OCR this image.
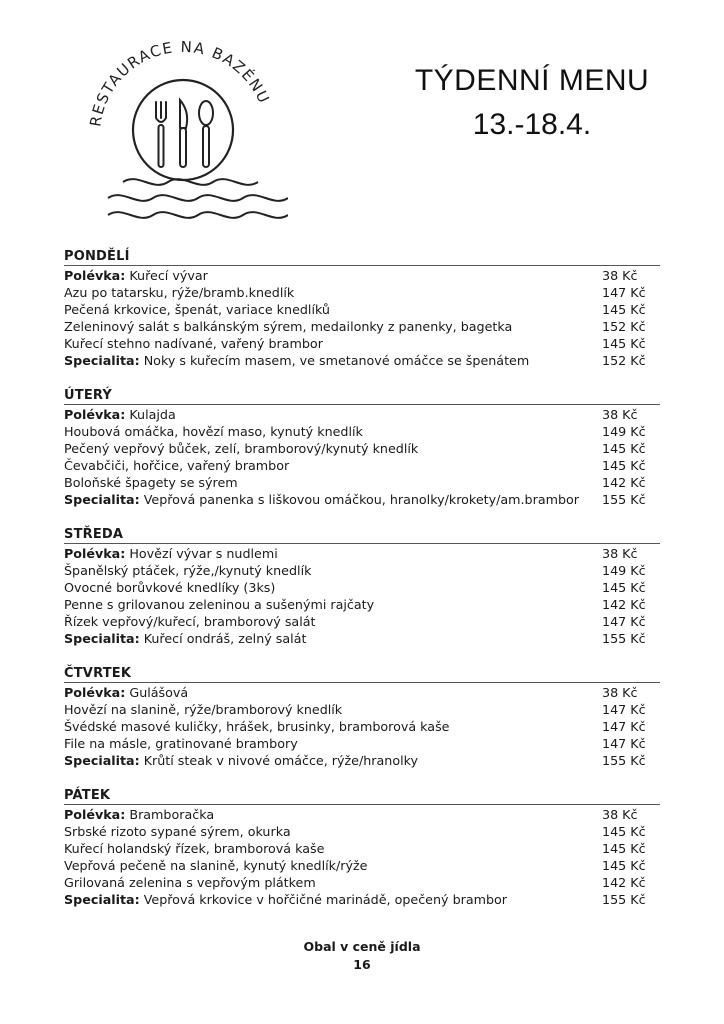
RESTAURACE NA BAZÉNU
TÝDENNÍ MENU
13.-18.4.
PONDĚLÍ
Polévka: Kuřecí vývar	38 Kč
Azu po tatarsku, rýže/bramb.knedlík	147 Kč
Pečená krkovice, špenát, variace knedlíků	145 Kč
Zeleninový salát s balkánským sýrem, medailonky z panenky, bagetka	152 Kč
Kuřecí stehno nadívané, vařený brambor	145 Kč
Specialita: Noky s kuřecím masem, ve smetanové omáčce se špenátem	152 Kč
ÚTERÝ
Polévka: Kulajda	38 Kč
Houbová omáčka, hovězí maso, kynutý knedlík	149 Kč
Pečený vepřový bůček, zelí, bramborový/kynutý knedlík	145 Kč
Čevabčiči, hořčice, vařený brambor	145 Kč
Boloňské špagety se sýrem	142 Kč
Specialita: Vepřová panenka s liškovou omáčkou, hranolky/krokety/am.brambor	155 Kč
STŘEDA
Polévka: Hovězí vývar s nudlemi	38 Kč
Španělský ptáček, rýže,/kynutý knedlík	149 Kč
Ovocné borůvkové knedlíky (3ks)	145 Kč
Penne s grilovanou zeleninou a sušenými rajčaty	142 Kč
Řízek vepřový/kuřecí, bramborový salát	147 Kč
Specialita: Kuřecí ondráš, zelný salát	155 Kč
ČTVRTEK
Polévka: Gulášová	38 Kč
Hovězí na slanině, rýže/bramborový knedlík	147 Kč
Švédské masové kuličky, hrášek, brusinky, bramborová kaše	147 Kč
File na másle, gratinované brambory	147 Kč
Specialita: Krůtí steak v nivové omáčce, rýže/hranolky	155 Kč
PÁTEK
Polévka: Bramboračka	38 Kč
Srbské rizoto sypané sýrem, okurka	145 Kč
Kuřecí holandský řízek, bramborová kaše	145 Kč
Vepřová pečeně na slanině, kynutý knedlík/rýže	145 Kč
Grilovaná zelenina s vepřovým plátkem	142 Kč
Specialita: Vepřová krkovice v hořčičné marinádě, opečený brambor	155 Kč
Obal v ceně jídla
16
